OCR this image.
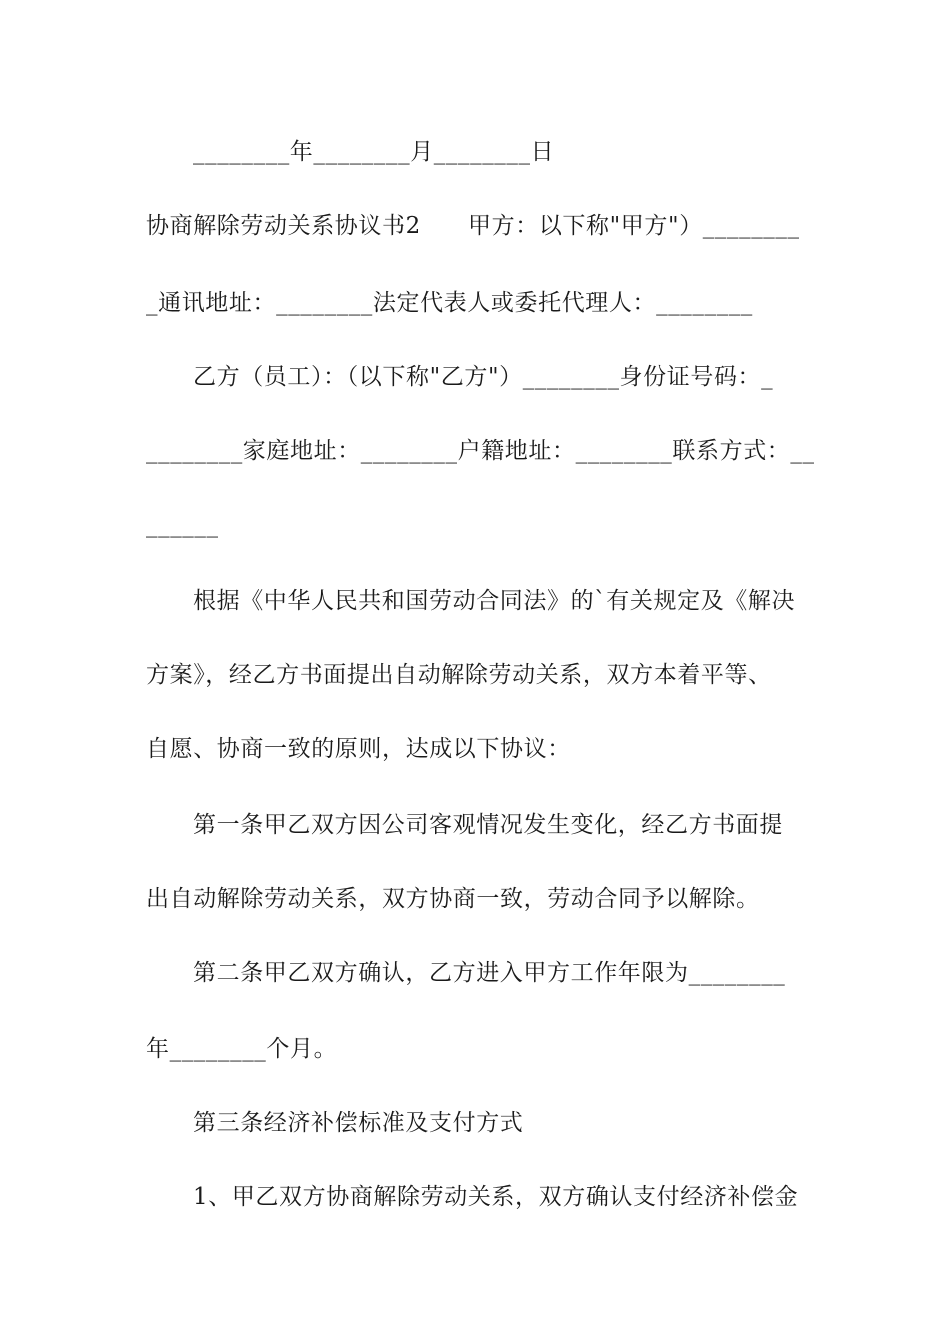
________年________月________日
协商解除劳动关系协议书2　　甲方：以下称"甲方"）________
_通讯地址：________法定代表人或委托代理人：________
乙方（员工）：（以下称"乙方"）________身份证号码：_
________家庭地址：________户籍地址：________联系方式：__
______
根据《中华人民共和国劳动合同法》的`有关规定及《解决
方案》，经乙方书面提出自动解除劳动关系，双方本着平等、
自愿、协商一致的原则，达成以下协议：
第一条甲乙双方因公司客观情况发生变化，经乙方书面提
出自动解除劳动关系，双方协商一致，劳动合同予以解除。
第二条甲乙双方确认，乙方进入甲方工作年限为________
年________个月。
第三条经济补偿标准及支付方式
1、甲乙双方协商解除劳动关系，双方确认支付经济补偿金
